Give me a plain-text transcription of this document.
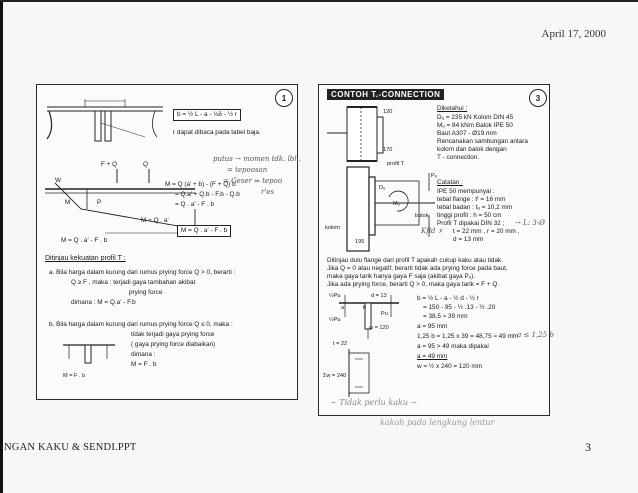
April 17, 2000
NGAN KAKU & SENDI.PPT	3
1
b = ½ L - a - ⅛δ - ½ r
r dapat dibaca pada tabel baja.
putus → momen tdk. lbh.
= tepoosan
= Geser ⇒ tepoo
r'es
F + Q	Q
W
M	P
M = Q . a'
M = Q . a' - F . b
M = Q (a' + b) - (F + Q) b
= Q.a' + Q.b - F.b - Q.b
= Q . a' - F . b
M = Q . a' - F . b
Ditinjau kekuatan profil T :
a. Bila harga dalam kurung dari rumus prying force Q > 0, berarti :
Q ≥ F , maka : terjadi gaya tambahan akibat
prying force
dimana : M = Q.a' - F.b
b. Bila harga dalam kurung dari rumus prying force Q ≤ 0, maka :
tidak terjadi gaya prying force
( gaya prying force diabaikan)
dimana :
M = F . b
M = F . b
3
CONTOH T.-CONNECTION
120
170
profil T
Dᵤ
Mᵤ
balok
kolom
Pᵤ
195
Diketahui :
Dᵤ = 235 kN Kolom DIN 45
Mᵤ = 84 kNm Balok IPE 50
Baut A307 - Ø19 mm
Rencanakan sambungan antara
kolom dan balok dengan
T - connection.
Catatan :
IPE 50 mempunyai :
tebal flange : tᶠ = 16 mm
tebal badan : tᵤ = 10,2 mm
tinggi profil : h = 50 cm
Profil T dipakai DIN 32 ;
t = 22 mm , r = 20 mm ,
d = 13 mm
→ L: 3-Ø
Kfld 𝒱
Ditinjau dulu flange dari profil T apakah cukup kaku atau tidak.
Jika Q = 0 atau negatif, berarti tidak ada prying force pada baut,
maka gaya tarik hanya gaya F saja (akibat gaya Pᵤ).
Jika ada prying force, berarti Q > 0, maka gaya tarik = F + Q.
½Pu
½Pu
Pu
a	b
d = 13
w = 120
t = 22
Σw = 240
b = ½ L - a - ½ d - ½ r
= 150 - 95 - ½ .13 - ½ .20
= 38,5 ≈ 39 mm
a = 95 mm
1,25 b = 1,25 x 39 = 48,75 ≈ 49 mm
a = 95 > 49 maka dipakai
a = 49 mm
w = ½ x 240 = 120 mm
→ a ≤ 1,25 b
~ Tidak perlu kaku ~
kakoh pada lengkung lentur
